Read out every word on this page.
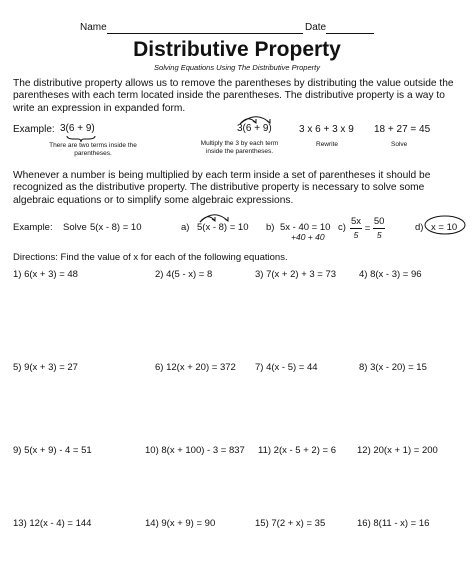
Name	Date
Distributive Property
Solving Equations Using The Distributive Property
The distributive property allows us to remove the parentheses by distributing the value outside the parentheses with each term located inside the parentheses. The distributive property is a way to write an expression in expanded form.
Example: 3(6 + 9)
There are two terms inside the parentheses.
3(6 + 9)
Multiply the 3 by each term inside the parentheses.
3 x 6 + 3 x 9
Rewrite
18 + 27 = 45
Solve
Whenever a number is being multiplied by each term inside a set of parentheses it should be recognized as the distributive property. The distributive property is necessary to solve some algebraic equations or to simplify some algebraic expressions.
Example: Solve 5(x - 8) = 10	a) 5(x - 8) = 10 b) 5x - 40 = 10
+40 + 40
$c) \frac{5x}{5} = \frac{50}{5}$	d) x = 10
Directions: Find the value of x for each of the following equations.
1) 6(x + 3) = 48	2) 4(5 - x) = 8	3) 7(x + 2) + 3 = 73 4) 8(x - 3) = 96
5) 9(x + 3) = 27	6) 12(x + 20) = 372 7) 4(x - 5) = 44	8) 3(x - 20) = 15
9) 5(x + 9) - 4 = 51	10) 8(x + 100) - 3 = 837 11) 2(x - 5 + 2) = 6 12) 20(x + 1) = 200
13) 12(x - 4) = 144	14) 9(x + 9) = 90	15) 7(2 + x) = 35	16) 8(11 - x) = 16
